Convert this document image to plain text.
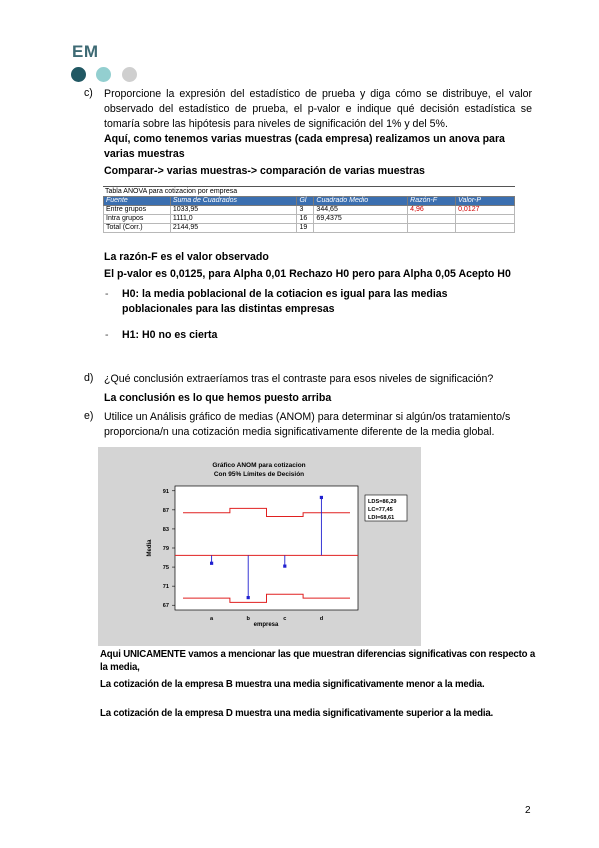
EM
c) Proporcione la expresión del estadístico de prueba y diga cómo se distribuye, el valor observado del estadístico de prueba, el p-valor e indique qué decisión estadística se tomaría sobre las hipótesis para niveles de significación del 1% y del 5%.
Aquí, como tenemos varias muestras (cada empresa) realizamos un anova para varias muestras
Comparar-> varias muestras-> comparación de varias muestras
Tabla ANOVA para cotizacion por empresa
Fuente	Suma de Cuadrados	Gl	Cuadrado Medio	Razón-F	Valor-P
Entre grupos	1033,95	3	344,65	4,96	0,0127
Intra grupos	1111,0	16	69,4375		
Total (Corr.)	2144,95	19			
La razón-F es el valor observado
El p-valor es 0,0125, para Alpha 0,01 Rechazo H0 pero para Alpha 0,05 Acepto H0
- H0: la media poblacional de la cotiacion es igual para las medias poblacionales para las distintas empresas
- H1: H0 no es cierta
d) ¿Qué conclusión extraeríamos tras el contraste para esos niveles de significación?
La conclusión es lo que hemos puesto arriba
e) Utilice un Análisis gráfico de medias (ANOM) para determinar si algún/os tratamiento/s proporciona/n una cotización media significativamente diferente de la media global.
Gráfico ANOM para cotizacion
Con 95% Límites de Decisión
Media
empresa
LDS=86,29
LC=77,45
LDI=68,61
67
71
75
79
83
87
91
a	b	c	d
Aqui UNICAMENTE vamos a mencionar las que muestran diferencias significativas con respecto a la media,
La cotización de la empresa B muestra una media significativamente menor a la media.
La cotización de la empresa D muestra una media significativamente superior a la media.
2
